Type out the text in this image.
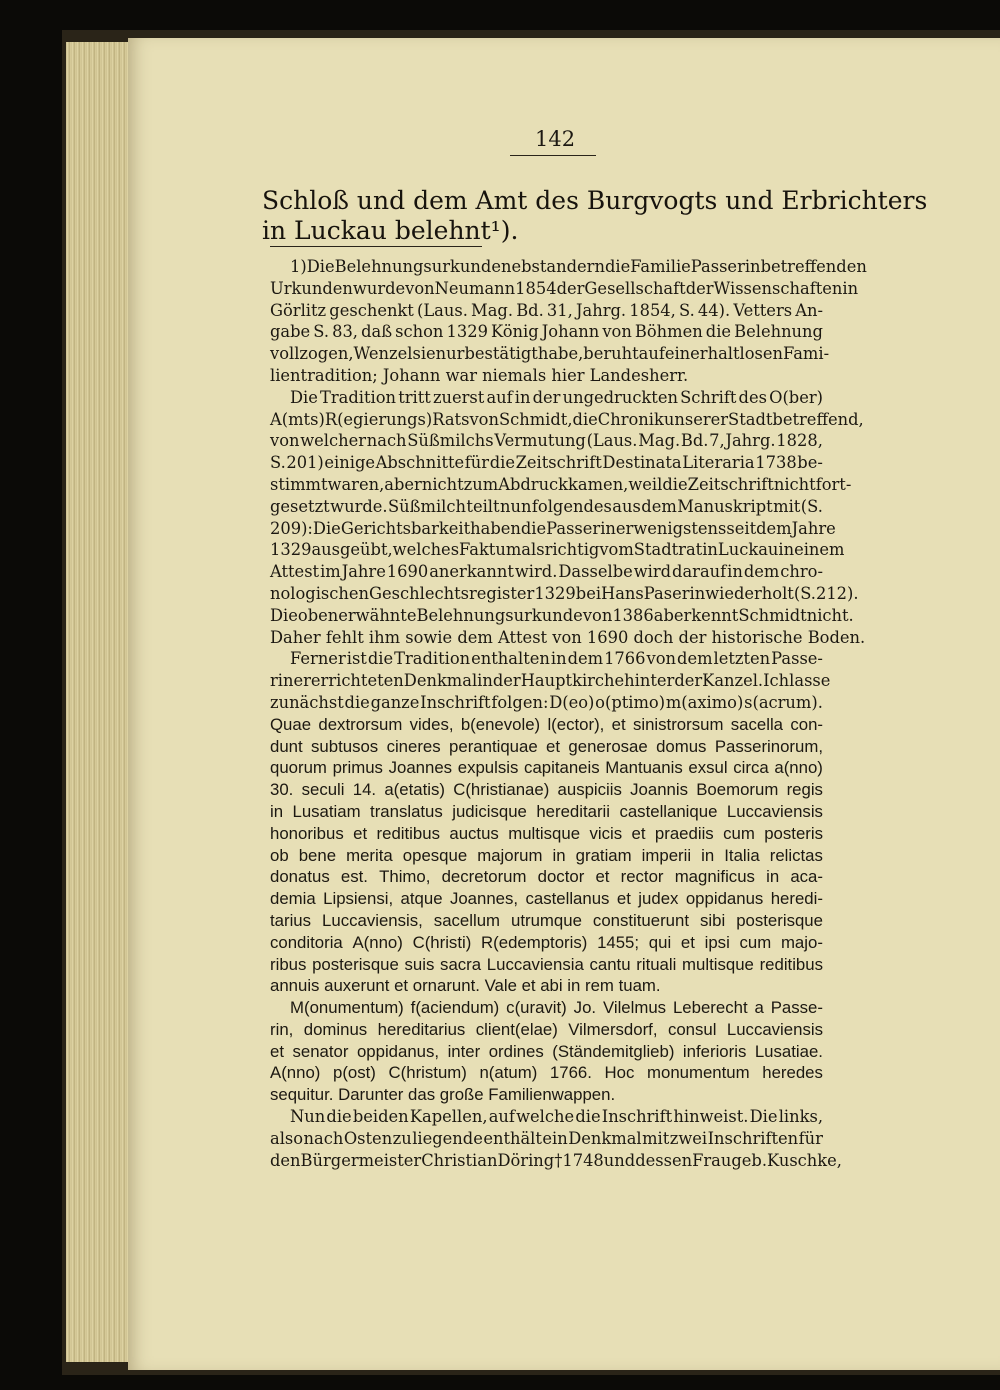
142
Schloß und dem Amt des Burgvogts und Erbrichters
in Luckau belehnt¹).
1) Die Belehnungsurkunde nebst andern die Familie Passerin betreffenden
Urkunden wurde von Neumann 1854 der Gesellschaft der Wissenschaften in
Görlitz geschenkt (Laus. Mag. Bd. 31, Jahrg. 1854, S. 44). Vetters An-
gabe S. 83, daß schon 1329 König Johann von Böhmen die Belehnung
vollzogen, Wenzel sie nur bestätigt habe, beruht auf einer haltlosen Fami-
lientradition; Johann war niemals hier Landesherr.
Die Tradition tritt zuerst auf in der ungedruckten Schrift des O(ber)
A(mts) R(egierungs) Rats von Schmidt, die Chronik unserer Stadt betreffend,
von welcher nach Süßmilchs Vermutung (Laus. Mag. Bd. 7, Jahrg. 1828,
S. 201) einige Abschnitte für die Zeitschrift Destinata Literaria 1738 be-
stimmt waren, aber nicht zum Abdruck kamen, weil die Zeitschrift nicht fort-
gesetzt wurde. Süßmilch teilt nun folgendes aus dem Manuskript mit (S.
209): Die Gerichtsbarkeit haben die Passeriner wenigstens seit dem Jahre
1329 ausgeübt, welches Faktum als richtig vom Stadtrat in Luckau in einem
Attest im Jahre 1690 anerkannt wird. Dasselbe wird darauf in dem chro-
nologischen Geschlechtsregister 1329 bei Hans Paserin wiederholt (S. 212).
Die oben erwähnte Belehnungsurkunde von 1386 aber kennt Schmidt nicht.
Daher fehlt ihm sowie dem Attest von 1690 doch der historische Boden.
Ferner ist die Tradition enthalten in dem 1766 von dem letzten Passe-
riner errichteten Denkmal in der Hauptkirche hinter der Kanzel. Ich lasse
zunächst die ganze Inschrift folgen: D(eo) o(ptimo) m(aximo) s(acrum).
Quae dextrorsum vides, b(enevole) l(ector), et sinistrorsum sacella con-
dunt subtusos cineres perantiquae et generosae domus Passerinorum,
quorum primus Joannes expulsis capitaneis Mantuanis exsul circa a(nno)
30. seculi 14. a(etatis) C(hristianae) auspiciis Joannis Boemorum regis
in Lusatiam translatus judicisque hereditarii castellanique Luccaviensis
honoribus et reditibus auctus multisque vicis et praediis cum posteris
ob bene merita opesque majorum in gratiam imperii in Italia relictas
donatus est. Thimo, decretorum doctor et rector magnificus in aca-
demia Lipsiensi, atque Joannes, castellanus et judex oppidanus heredi-
tarius Luccaviensis, sacellum utrumque constituerunt sibi posterisque
conditoria A(nno) C(hristi) R(edemptoris) 1455; qui et ipsi cum majo-
ribus posterisque suis sacra Luccaviensia cantu rituali multisque reditibus
annuis auxerunt et ornarunt. Vale et abi in rem tuam.
M(onumentum) f(aciendum) c(uravit) Jo. Vilelmus Leberecht a Passe-
rin, dominus hereditarius client(elae) Vilmersdorf, consul Luccaviensis
et senator oppidanus, inter ordines (Ständemitglieb) inferioris Lusatiae.
A(nno) p(ost) C(hristum) n(atum) 1766. Hoc monumentum heredes
sequitur. Darunter das große Familienwappen.
Nun die beiden Kapellen, auf welche die Inschrift hinweist. Die links,
also nach Osten zu liegende enthält ein Denkmal mit zwei Inschriften für
den Bürgermeister Christian Döring † 1748 und dessen Frau geb. Kuschke,
